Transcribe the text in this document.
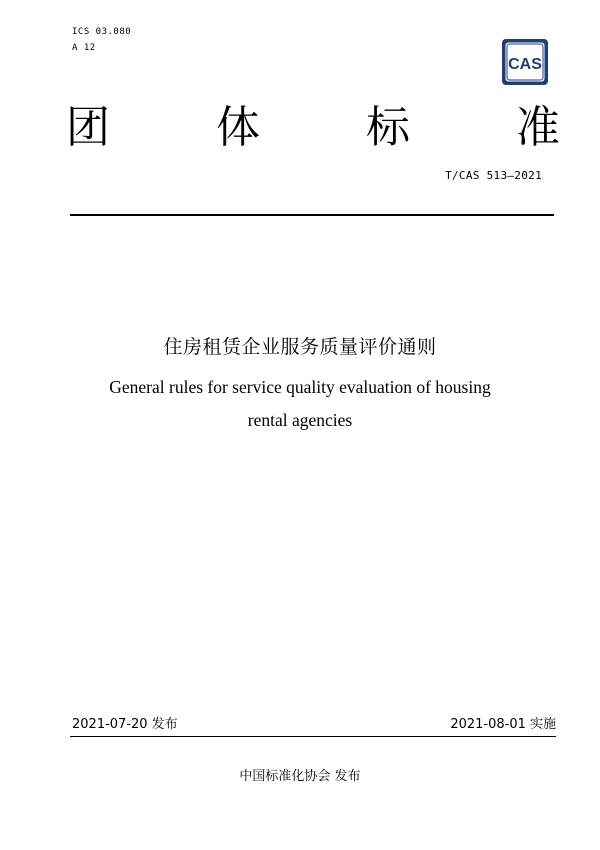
ICS 03.080
A 12
CAS
团 体 标 准
T/CAS 513—2021
住房租赁企业服务质量评价通则
General rules for service quality evaluation of housing
rental agencies
2021-07-20 发布	2021-08-01 实施
中国标准化协会 发布
